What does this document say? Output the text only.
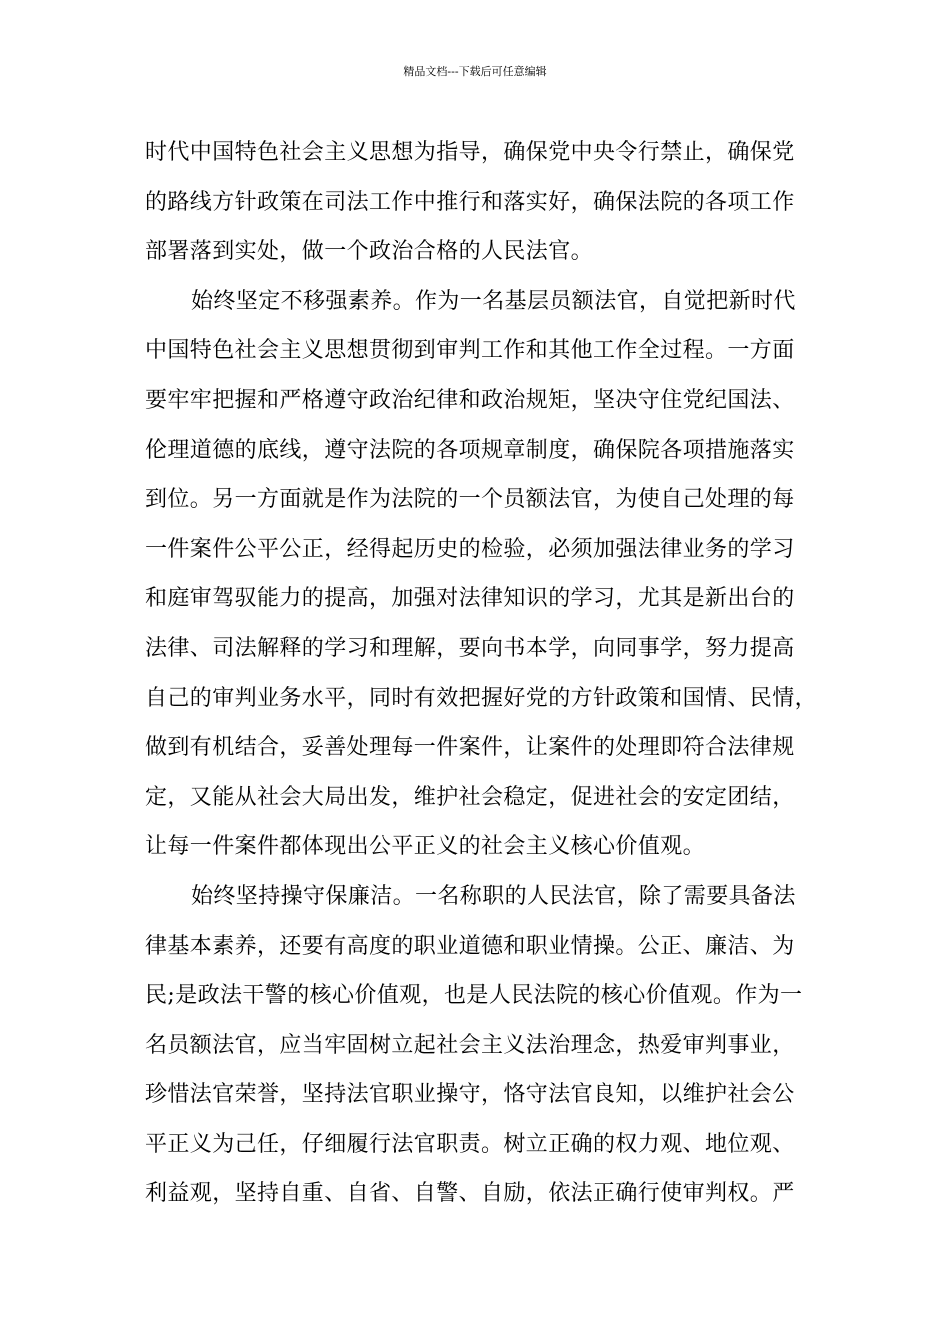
精品文档---下载后可任意编辑
时代中国特色社会主义思想为指导，确保党中央令行禁止，确保党
的路线方针政策在司法工作中推行和落实好，确保法院的各项工作
部署落到实处，做一个政治合格的人民法官。
始终坚定不移强素养。作为一名基层员额法官，自觉把新时代
中国特色社会主义思想贯彻到审判工作和其他工作全过程。一方面
要牢牢把握和严格遵守政治纪律和政治规矩，坚决守住党纪国法、
伦理道德的底线，遵守法院的各项规章制度，确保院各项措施落实
到位。另一方面就是作为法院的一个员额法官，为使自己处理的每
一件案件公平公正，经得起历史的检验，必须加强法律业务的学习
和庭审驾驭能力的提高，加强对法律知识的学习，尤其是新出台的
法律、司法解释的学习和理解，要向书本学，向同事学，努力提高
自己的审判业务水平，同时有效把握好党的方针政策和国情、民情，
做到有机结合，妥善处理每一件案件，让案件的处理即符合法律规
定，又能从社会大局出发，维护社会稳定，促进社会的安定团结，
让每一件案件都体现出公平正义的社会主义核心价值观。
始终坚持操守保廉洁。一名称职的人民法官，除了需要具备法
律基本素养，还要有高度的职业道德和职业情操。公正、廉洁、为
民;是政法干警的核心价值观，也是人民法院的核心价值观。作为一
名员额法官，应当牢固树立起社会主义法治理念，热爱审判事业，
珍惜法官荣誉，坚持法官职业操守，恪守法官良知，以维护社会公
平正义为己任，仔细履行法官职责。树立正确的权力观、地位观、
利益观，坚持自重、自省、自警、自励，依法正确行使审判权。严
